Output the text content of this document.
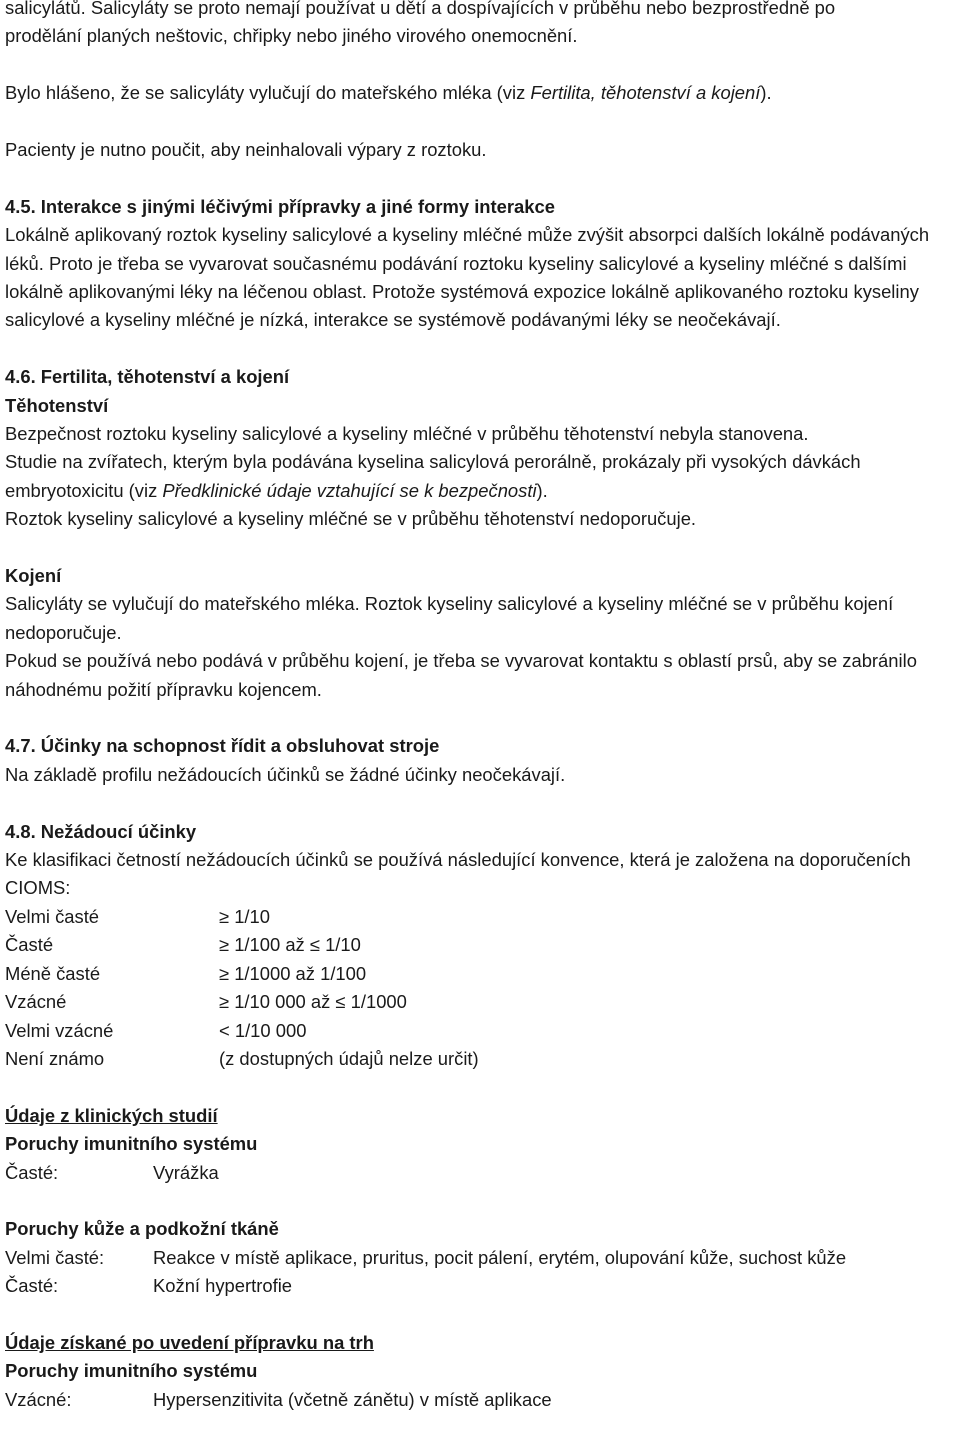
salicylátů. Salicyláty se proto nemají používat u dětí a dospívajících v průběhu nebo bezprostředně po

prodělání planých neštovic, chřipky nebo jiného virového onemocnění.

Bylo hlášeno, že se salicyláty vylučují do mateřského mléka (viz Fertilita, těhotenství a kojení).

Pacienty je nutno poučit, aby neinhalovali výpary z roztoku.

4.5. Interakce s jinými léčivými přípravky a jiné formy interakce

Lokálně aplikovaný roztok kyseliny salicylové a kyseliny mléčné může zvýšit absorpci dalších lokálně podávaných léků. Proto je třeba se vyvarovat současnému podávání roztoku kyseliny salicylové a kyseliny mléčné s dalšími lokálně aplikovanými léky na léčenou oblast. Protože systémová expozice lokálně aplikovaného roztoku kyseliny salicylové a kyseliny mléčné je nízká, interakce se systémově podávanými léky se neočekávají.

4.6. Fertilita, těhotenství a kojení

Těhotenství

Bezpečnost roztoku kyseliny salicylové a kyseliny mléčné v průběhu těhotenství nebyla stanovena.

Studie na zvířatech, kterým byla podávána kyselina salicylová perorálně, prokázaly při vysokých dávkách embryotoxicitu (viz Předklinické údaje vztahující se k bezpečnosti).

Roztok kyseliny salicylové a kyseliny mléčné se v průběhu těhotenství nedoporučuje.

Kojení

Salicyláty se vylučují do mateřského mléka. Roztok kyseliny salicylové a kyseliny mléčné se v průběhu kojení nedoporučuje.

Pokud se používá nebo podává v průběhu kojení, je třeba se vyvarovat kontaktu s oblastí prsů, aby se zabránilo náhodnému požití přípravku kojencem.

4.7. Účinky na schopnost řídit a obsluhovat stroje

Na základě profilu nežádoucích účinků se žádné účinky neočekávají.

4.8. Nežádoucí účinky

Ke klasifikaci četností nežádoucích účinků se používá následující konvence, která je založena na doporučeních CIOMS:

Velmi časté	≥ 1/10
Časté	≥ 1/100 až ≤ 1/10
Méně časté	≥ 1/1000 až 1/100
Vzácné	≥ 1/10 000 až ≤ 1/1000
Velmi vzácné	< 1/10 000
Není známo	(z dostupných údajů nelze určit)

Údaje z klinických studií

Poruchy imunitního systému

Časté:	Vyrážka

Poruchy kůže a podkožní tkáně

Velmi časté:	Reakce v místě aplikace, pruritus, pocit pálení, erytém, olupování kůže, suchost kůže
Časté:	Kožní hypertrofie

Údaje získané po uvedení přípravku na trh

Poruchy imunitního systému

Vzácné:	Hypersenzitivita (včetně zánětu) v místě aplikace
